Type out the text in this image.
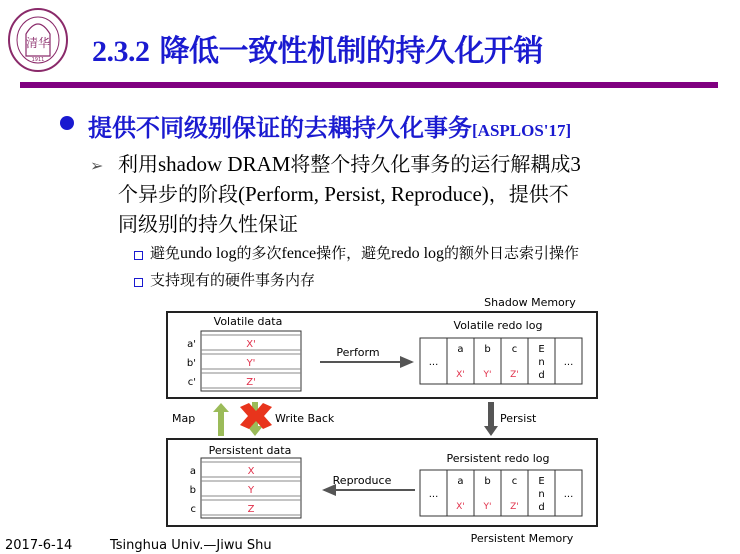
清华
1911 2.3.2 降低一致性机制的持久化开销
提供不同级别保证的去耦持久化事务[ASPLOS'17]
➢ 利用shadow DRAM将整个持久化事务的运行解耦成3
个异步的阶段(Perform, Persist, Reproduce)，提供不
同级别的持久性保证
避免undo log的多次fence操作，避免redo log的额外日志索引操作
支持现有的硬件事务内存
Shadow Memory
Volatile data
a'	X'
b'	Y'
c'	Z'
Perform
Volatile redo log
...
a
X'
b
Y'
c
Z'
E
n
d
...
Map	Write Back	Persist
Persistent data
a	X
b	Y
c	Z
Reproduce
Persistent redo log
...
a
X'
b
Y'
c
Z'
E
n
d
...
Persistent Memory
2017-6-14	Tsinghua Univ.—Jiwu Shu
